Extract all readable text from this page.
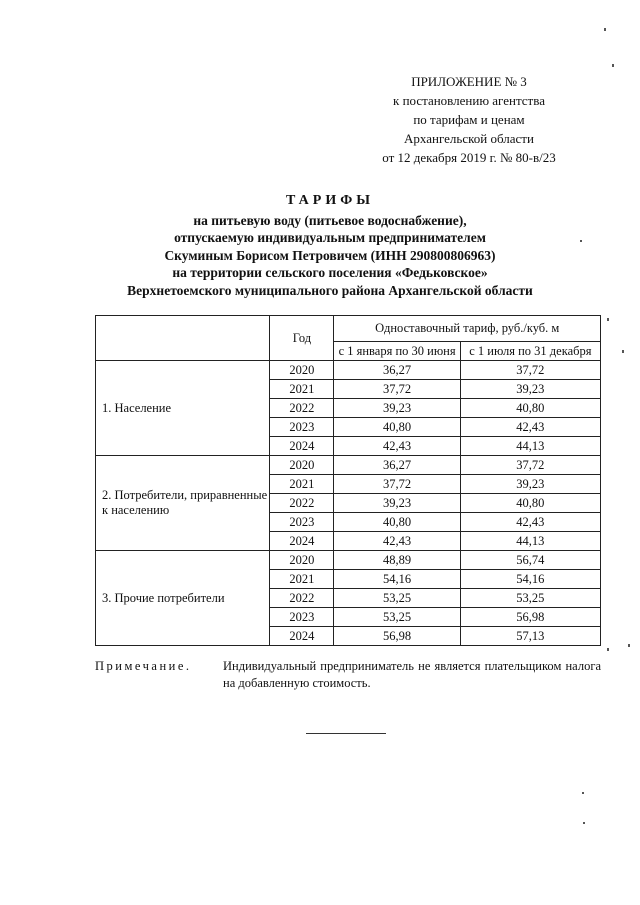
ПРИЛОЖЕНИЕ № 3
к постановлению агентства
по тарифам и ценам
Архангельской области
от 12 декабря 2019 г. № 80-в/23
ТАРИФЫ
на питьевую воду (питьевое водоснабжение),
отпускаемую индивидуальным предпринимателем
Скуминым Борисом Петровичем (ИНН 290800806963)
на территории сельского поселения «Федьковское»
Верхнетоемского муниципального района Архангельской области
	Год	Одноставочный тариф, руб./куб. м	
		с 1 января по 30 июня	с 1 июля по 31 декабря
1. Население	2020	36,27	37,72
	2021	37,72	39,23
	2022	39,23	40,80
	2023	40,80	42,43
	2024	42,43	44,13
2. Потребители, приравненные к населению	2020	36,27	37,72
	2021	37,72	39,23
	2022	39,23	40,80
	2023	40,80	42,43
	2024	42,43	44,13
3. Прочие потребители	2020	48,89	56,74
	2021	54,16	54,16
	2022	53,25	53,25
	2023	53,25	56,98
	2024	56,98	57,13
Примечание.	Индивидуальный предприниматель не является плательщиком налога на добавленную стоимость.
